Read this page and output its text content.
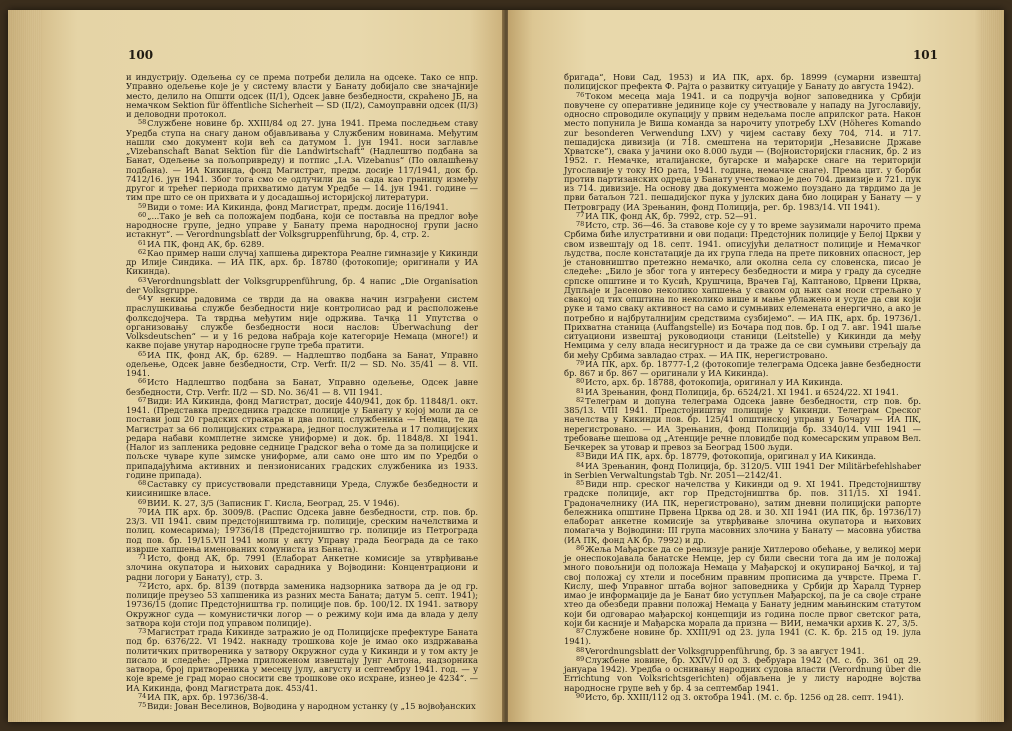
100

и индустрију. Одељења су се према потреби делила на одсеке. Тако се нпр. Управно одељење које је у систему власти у Банату добијало све значајније место, делило на Општи одсек (II/1), Одсек јавне безбедности, скраћено ЈБ, на немачком Sektion für öffentliche Sicherheit — SD (II/2), Самоуправни одсек (II/3) и деловодни протокол.

$^{58}$Службене новине бр. XXIII/84 од 27. јуна 1941. Према последњем ставу Уредба ступа на снагу даном објављивања у Службеним новинама. Међутим нашли смо документ који већ са датумом 1. јун 1941. носи заглавље „Vizebanschaft Banat Sektion für die Landwirtschaft“ (Надлештво подбана за Банат, Одељење за пољопривреду) и потпис „I.A. Vizebanus“ (По овлашћењу подбана). — ИА Кикинда, фонд Магистрат, предм. досије 117/1941, док бр. 7412/16. јун 1941. Због тога смо се одлучили да за сада као границу између другог и трећег периода прихватимо датум Уредбе — 14. јун 1941. године — тим пре што се он прихвата и у досадашњој историјској литератури.

$^{59}$Види о томе: ИА Кикинда, фонд Магистрат, предм. досије 116/1941.

$^{60}$„...Тако је већ са положајем подбана, који се поставља на предлог вође народносне групе, једно управе у Банату према народносној групи јасно истакнут“. — Verordnungsblatt der Volksgruppenführung, бр. 4, стр. 2.

$^{61}$ИА ПК, фонд АК, бр. 6289.

$^{62}$Као пример наши случај хапшења директора Реалне гимназије у Кикинди др Илије Синдика. — ИА ПК, арх. бр. 18780 (фотокопије; оригинали у ИА Кикинда).

$^{63}$Verordnungsblatt der Volksgruppenführung, бр. 4 напис „Die Organisation der Volksgruppe.

$^{64}$У неким радовима се тврди да на оваква начин изграђени систем праслушкивања службе безбедности није контролисао рад и расположење фолксдојчера. Та тврдња међутим није одржива. Тачка 11 Упутства о организовању службе безбедности носи наслов: Überwachung der Volksdeutschen“ — и у 16 редова набраја које категорије Немаца (многе!) и какве појаве унутар народносне групе треба пратити.

$^{65}$ИА ПК, фонд АК, бр. 6289. — Надлештво подбана за Банат, Управно одељење, Одсек јавне безбедности, Стр. Verfr. II/2 — SD. No. 35/41 — 8. VII. 1941.

$^{66}$Исто Надлештво подбана за Банат, Управно одељење, Одсек јавне безбедности, Стр. Verfr. II/2 — SD. No. 36/41 — 8. VII 1941.

$^{67}$Види: ИА Кикинда, фонд Магистрат, досије 440/941, док бр. 11848/1. окт. 1941. (Представка председника градске полиције у Банату у којој моли да се постави још 20 градских стражара и два полиц. службеника — Немца, те да Магистрат за 66 полицијских стражара, једног послужитеља и 17 полицијских редара набави комплетне зимске униформе) и док. бр. 11848/8. XI 1941. (Налог из запленика редовне седнице Градског већа о томе да за полицијске и пољске чуваре купе зимске униформе, али само оне што им по Уредби о припадајућима активних и пензионисаних градских службеника из 1933. године припада).

$^{68}$Саставку су присуствовали представници Уреда, Службе безбедности и киисинишке власе.

$^{69}$ВИИ. К. 27, 3/5 (Записник Г. Кисла, Београд, 25. V 1946).

$^{70}$ИА ПК арх. бр. 3009/8. (Распис Одсека јавне безбедности, стр. пов. бр. 23/3. VII 1941. свим предстојништвима гр. полиције, среским начелствима и полиц. комесарима); 19736/18 (Предстојништво гр. полиције из Петроградa под пов. бр. 19/15.VII 1941 моли у акту Управу града Београда да се тако изврше хапшења именованих комуниста из Баната).

$^{71}$Исто, фонд АК, бр. 7991 (Елаборат Анкетне комисије за утврђивање злочина окупатора и њихових сарадника у Војводини: Концентрациони и радни логори у Банату), стр. 3.

$^{72}$Исто, арх. бр. 8139 (потврда заменика надзорника затвора да је од гр. полиције преузео 53 хапшеника из разних места Баната; датум 5. септ. 1941); 19736/15 (допис Предстојништва гр. полиције пов. бр. 100/12. IX 1941. затвору Окружног суда — комунистички логор — о режиму који има да влада у делу затвора који стоји под управом полиције).

$^{73}$Магистрат града Кикинде затражио је од Полицијске префектуре Баната под бр. 6376/22. VI 1942. накнаду трошкова које је имао око издржавања политичких притвореника у затвору Окружног суда у Кикинди и у том акту је писало и следеће: „Према приложеном извештају Јунг Антона, надзорника затвора, број притвореника у месецу јулу, августу и септембру 1941. год. — у које време је град морао сносити све трошкове око исхране, изнео је 4234“. — ИА Кикинда, фонд Магистрата док. 453/41.

$^{74}$ИА ПК, арх. бр. 19736/38-4.

$^{75}$Види: Јован Веселинов, Војводина у народном устанку (у „15 војвођанских

101

бригада“, Нови Сад, 1953) и ИА ПК, арх. бр. 18999 (сумарни извештај полицијског префекта Ф. Рајта о развитку ситуације у Банату до августа 1942).

$^{76}$Током месеца маја 1941. и са подручја војног заповедника у Србији повучене су оперативне јединице које су учествовале у нападу на Југославију, односно спроводиле окупацију у првим недељама после априлског рата. Након место попунила је Виша команда за нарочиту употребу LXV (Höheres Komando zur besonderen Verwendung LXV) у чијем саставу беху 704, 714. и 717. пешадијска дивизија (и 718. смештена на територији „Независне Државе Хрватске“), свака у јачини око 8.000 људи — (Војноисторијски гласник, бр. 2 из 1952. г. Немачке, италијанске, бугарске и мађарске снаге на територији Југославије у току НО рата, 1941. година, немачке снаге). Према цит. у борби против партизанских одреда у Банату учествовао је део 704. дивизије и 721. пук из 714. дивизије. На основу два документа можемо поуздано да тврдимо да је први батаљон 721. пешадијског пука у јулских дана био лоциран у Банату — у Петровграду (ИА Зрењанин, фонд Полиција, рег. бр. 1983/14. VII 1941).

$^{77}$ИА ПК, фонд АК, бр. 7992, стр. 52—91.

$^{78}$Исто, стр. 36—46. За ставове које су у то време заузимали нарочито према Србима биће илустративни и ови подаци: Предстојник полиције у Белој Цркви у свом извештају од 18. септ. 1941. описујући делатност полиције и Немачког људства, после констатације да их група гледа на прете пиковних опасност, јер је становништво претежно немачко, али околна села су словенска, писао је следеће: „Било је због тога у интересу безбедности и мира у граду да суседне српске општине и то Кусић, Крушчица, Врачев Гај, Каптаново, Црвени Црква, Дупљаје и Јасеново неколико хапшења у сваком од њих сам носи стрељано у свакој од тих општина по неколико више и мање ублажено и усуде да сви који руке и тамо сваку активност на само и сумњивих елемената енергично, а ако је потребно и најбруталнијим средствима сузбијемо“. — ИА ПК, арх. бр. 19736/1. Прихватна станица (Auffangstelle) из Бочара под пов. бр. I од 7. авг. 1941 шаље ситуациони извештај руководиоци станици (Leitstelle) у Кикинди да међу Немцима у селу влада несигурност и да траже да се сви сумњиви стрељају да би међу Србима завладао страх. — ИА ПК, нерегистровано.

$^{79}$ИА ПК, арх. бр. 18777-1,2 (фотокопије телеграма Одсека јавне безбедности бр. 867 и бр. 867 — оригинали у ИА Кикинда).

$^{80}$Исто, арх. бр. 18788, фотокопија, оригинал у ИА Кикинда.

$^{81}$ИА Зрењанин, фонд Полиција, бр. 6524/21. XI 1941. и 6524/22. XI 1941.

$^{82}$Телеграм и допуна телеграма Одсека јавне безбедности, стр пов. бр. 385/13. VIII 1941. Предстојништву полиције у Кикинди. Телеграм Среског начелства у Кикинди пов. бр. 125/41 општинској управи у Бочару — ИА ПК, нерегистровано. — ИА Зрењанин, фонд Полиција бр. 3340/14. VIII 1941 — требовање шешова од „Атенције речне пловидбе под комесарским управом Вел. Бечкерек за утовар и превоз за Београд 1500 људи.

$^{83}$Види ИА ПК, арх. бр. 18779, фотокопија, оригинал у ИА Кикинда.

$^{84}$ИА Зрењанин, фонд Полиција, бр. 3120/5. VIII 1941 Der Militärbefehlshaber in Serbien Verwaltungstab Tgb. Nr. 2051—2142/41.

$^{85}$Види нпр. среског начелства у Кикинди од 9. XI 1941. Предстојништву градске полиције, акт гор Предстојништва бр. пов. 311/15. XI 1941. Градоначелнику (ИА ПК, нерегистровано), затим дневни полицијски рапорте бележника општине Првена Црква од 28. и 30. XII 1941 (ИА ПК, бр. 19736/17) елаборат анкетне комисије за утврђивање злочина окупатора и њихових помагача у Војводини: III група масовних злочина у Банату — масовна убиства (ИА ПК, фонд АК бр. 7992) и др.

$^{86}$Жеља Мађарске да се реализује раније Хитлерово обећање, у великој мери је онеспокојавала банатске Немце, јер су били свесни тога да им је положај много повољнији од положаја Немаца у Мађарској и окупираној Бачкој, и тај свој положај су хтели и посебним правним прописима да учврсте. Према Г. Кислу, шеф Управног штаба војног заповедника у Србији др Харалд Турнер имао је информације да је Банат био уступљен Мађарској, па је са своје стране хтео да обезбеди правни положај Немаца у Банату једним мањинским статутом који би одговарао мађарској концепцији из година после првог светског рата, који би касније и Мађарска морала да призна — ВИИ, немачки архив К. 27, 3/5.

$^{87}$Службене новине бр. XXIII/91 од 23. јула 1941 (С. К. бр. 215 од 19. јула 1941).

$^{88}$Verordnungsblatt der Volksgruppenführung, бр. 3 за август 1941.

$^{89}$Службене новине, бр. XXIV/10 од 3. фебруара 1942 (М. с. бр. 361 од 29. јануара 1942). Уредба о оснивању народних судова власти (Verordnung über die Errichtung von Volksrichtsgerichten) објављена је у листу народне војства народносне групе већ у бр. 4 за септембар 1941.

$^{90}$Исто, бр. XXIII/112 од 3. октобра 1941. (М. с. бр. 1256 од 28. септ. 1941).
